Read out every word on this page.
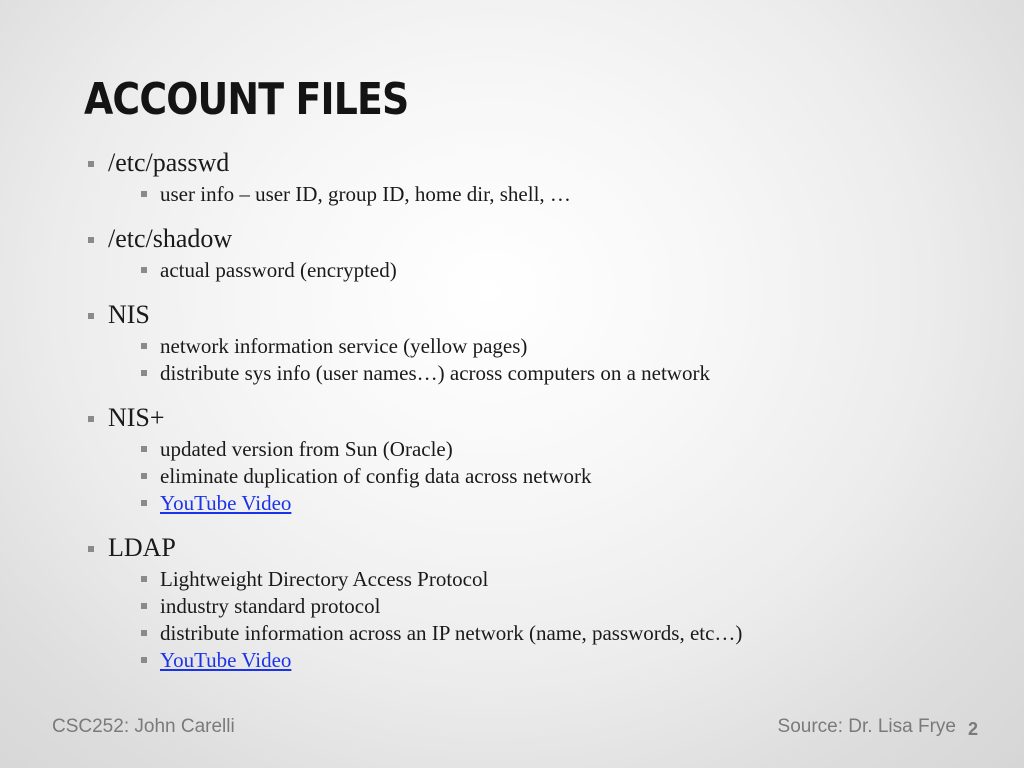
ACCOUNT FILES
/etc/passwd
user info – user ID, group ID, home dir, shell, …
/etc/shadow
actual password (encrypted)
NIS
network information service (yellow pages)
distribute sys info (user names…) across computers on a network
NIS+
updated version from Sun (Oracle)
eliminate duplication of config data across network
YouTube Video
LDAP
Lightweight Directory Access Protocol
industry standard protocol
distribute information across an IP network (name, passwords, etc…)
YouTube Video
CSC252: John Carelli	Source: Dr. Lisa Frye 2
